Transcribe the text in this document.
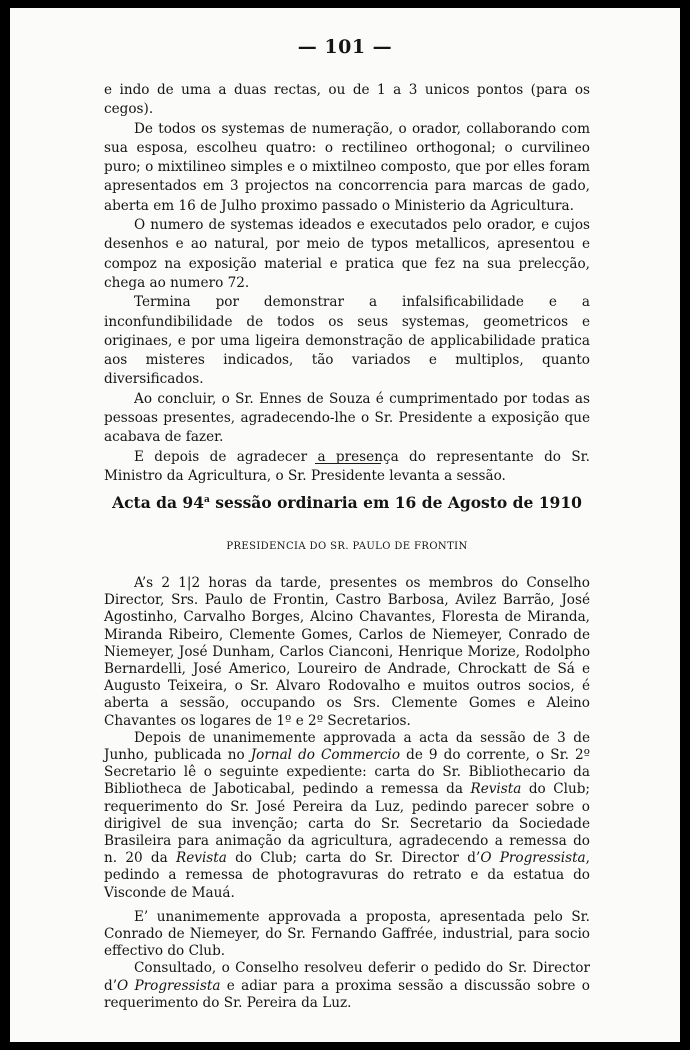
— 101 —

e indo de uma a duas rectas, ou de 1 a 3 unicos pontos (para os cegos).

De todos os systemas de numeração, o orador, collaborando com sua esposa, escolheu quatro: o rectilineo orthogonal; o curvilineo puro; o mixtilineo simples e o mixtilneo composto, que por elles foram apresentados em 3 projectos na concorrencia para marcas de gado, aberta em 16 de Julho proximo passado o Ministerio da Agricultura.

O numero de systemas ideados e executados pelo orador, e cujos desenhos e ao natural, por meio de typos metallicos, apresentou e compoz na exposição material e pratica que fez na sua prelecção, chega ao numero 72.

Termina por demonstrar a infalsificabilidade e a inconfundibilidade de todos os seus systemas, geometricos e originaes, e por uma ligeira demonstração de applicabilidade pratica aos misteres indicados, tão variados e multiplos, quanto diversificados.

Ao concluir, o Sr. Ennes de Souza é cumprimentado por todas as pessoas presentes, agradecendo-lhe o Sr. Presidente a exposição que acabava de fazer.

E depois de agradecer a presença do representante do Sr. Ministro da Agricultura, o Sr. Presidente levanta a sessão.

Acta da 94$^a$ sessão ordinaria em 16 de Agosto de 1910
PRESIDENCIA DO SR. PAULO DE FRONTIN

A’s 2 1|2 horas da tarde, presentes os membros do Conselho Director, Srs. Paulo de Frontin, Castro Barbosa, Avilez Barrão, José Agostinho, Carvalho Borges, Alcino Chavantes, Floresta de Miranda, Miranda Ribeiro, Clemente Gomes, Carlos de Niemeyer, Conrado de Niemeyer, José Dunham, Carlos Cianconi, Henrique Morize, Rodolpho Bernardelli, José Americo, Loureiro de Andrade, Chrockatt de Sá e Augusto Teixeira, o Sr. Alvaro Rodovalho e muitos outros socios, é aberta a sessão, occupando os Srs. Clemente Gomes e Aleino Chavantes os logares de 1º e 2º Secretarios.

Depois de unanimemente approvada a acta da sessão de 3 de Junho, publicada no Jornal do Commercio de 9 do corrente, o Sr. 2º Secretario lê o seguinte expediente: carta do Sr. Bibliothecario da Bibliotheca de Jaboticabal, pedindo a remessa da Revista do Club; requerimento do Sr. José Pereira da Luz, pedindo parecer sobre o dirigivel de sua invenção; carta do Sr. Secretario da Sociedade Brasileira para animação da agricultura, agradecendo a remessa do n. 20 da Revista do Club; carta do Sr. Director d’O Progressista, pedindo a remessa de photogravuras do retrato e da estatua do Visconde de Mauá.

E’ unanimemente approvada a proposta, apresentada pelo Sr. Conrado de Niemeyer, do Sr. Fernando Gaffrée, industrial, para socio effectivo do Club.

Consultado, o Conselho resolveu deferir o pedido do Sr. Director d’O Progressista e adiar para a proxima sessão a discussão sobre o requerimento do Sr. Pereira da Luz.
